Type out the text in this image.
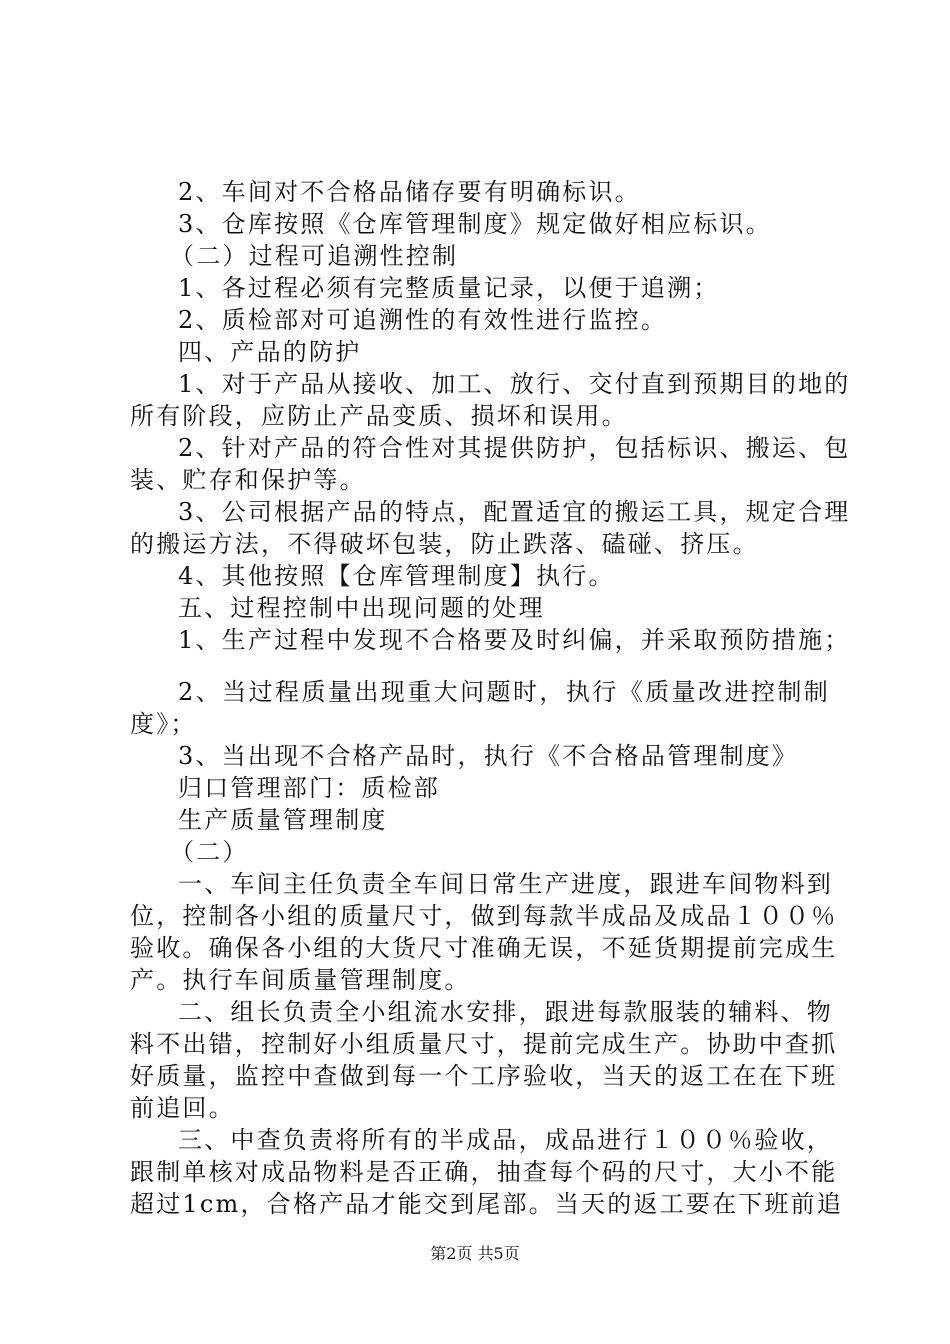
2、车间对不合格品储存要有明确标识。
3、仓库按照《仓库管理制度》规定做好相应标识。
（二）过程可追溯性控制
1、各过程必须有完整质量记录，以便于追溯；
2、质检部对可追溯性的有效性进行监控。
四、产品的防护
1、对于产品从接收、加工、放行、交付直到预期目的地的
所有阶段，应防止产品变质、损坏和误用。
2、针对产品的符合性对其提供防护，包括标识、搬运、包
装、贮存和保护等。
3、公司根据产品的特点，配置适宜的搬运工具，规定合理
的搬运方法，不得破坏包装，防止跌落、磕碰、挤压。
4、其他按照【仓库管理制度】执行。
五、过程控制中出现问题的处理
1、生产过程中发现不合格要及时纠偏，并采取预防措施；
2、当过程质量出现重大问题时，执行《质量改进控制制
度》；
3、当出现不合格产品时，执行《不合格品管理制度》
归口管理部门：质检部
生产质量管理制度
（二）
一、车间主任负责全车间日常生产进度，跟进车间物料到
位，控制各小组的质量尺寸，做到每款半成品及成品１００％
验收。确保各小组的大货尺寸准确无误，不延货期提前完成生
产。执行车间质量管理制度。
二、组长负责全小组流水安排，跟进每款服装的辅料、物
料不出错，控制好小组质量尺寸，提前完成生产。协助中查抓
好质量，监控中查做到每一个工序验收，当天的返工在在下班
前追回。
三、中查负责将所有的半成品，成品进行１００％验收，
跟制单核对成品物料是否正确，抽查每个码的尺寸，大小不能
超过1cm，合格产品才能交到尾部。当天的返工要在下班前追
第2页 共5页
